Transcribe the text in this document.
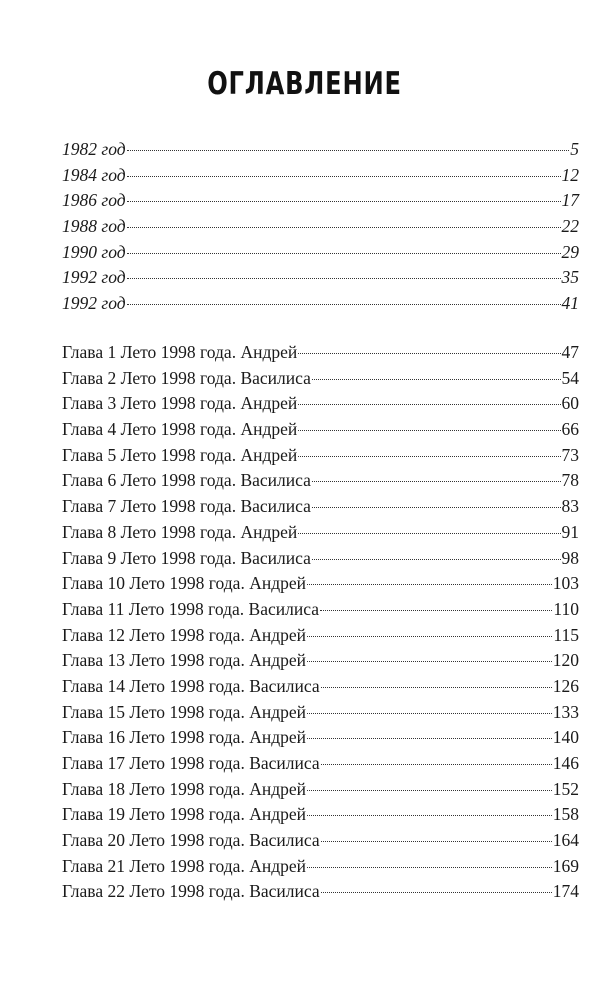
ОГЛАВЛЕНИЕ
1982 год	5
1984 год	12
1986 год	17
1988 год	22
1990 год	29
1992 год	35
1992 год	41
Глава 1 Лето 1998 года. Андрей	47
Глава 2 Лето 1998 года. Василиса	54
Глава 3 Лето 1998 года. Андрей	60
Глава 4 Лето 1998 года. Андрей	66
Глава 5 Лето 1998 года. Андрей	73
Глава 6 Лето 1998 года. Василиса	78
Глава 7 Лето 1998 года. Василиса	83
Глава 8 Лето 1998 года. Андрей	91
Глава 9 Лето 1998 года. Василиса	98
Глава 10 Лето 1998 года. Андрей	103
Глава 11 Лето 1998 года. Василиса	110
Глава 12 Лето 1998 года. Андрей	115
Глава 13 Лето 1998 года. Андрей	120
Глава 14 Лето 1998 года. Василиса	126
Глава 15 Лето 1998 года. Андрей	133
Глава 16 Лето 1998 года. Андрей	140
Глава 17 Лето 1998 года. Василиса	146
Глава 18 Лето 1998 года. Андрей	152
Глава 19 Лето 1998 года. Андрей	158
Глава 20 Лето 1998 года. Василиса	164
Глава 21 Лето 1998 года. Андрей	169
Глава 22 Лето 1998 года. Василиса	174
